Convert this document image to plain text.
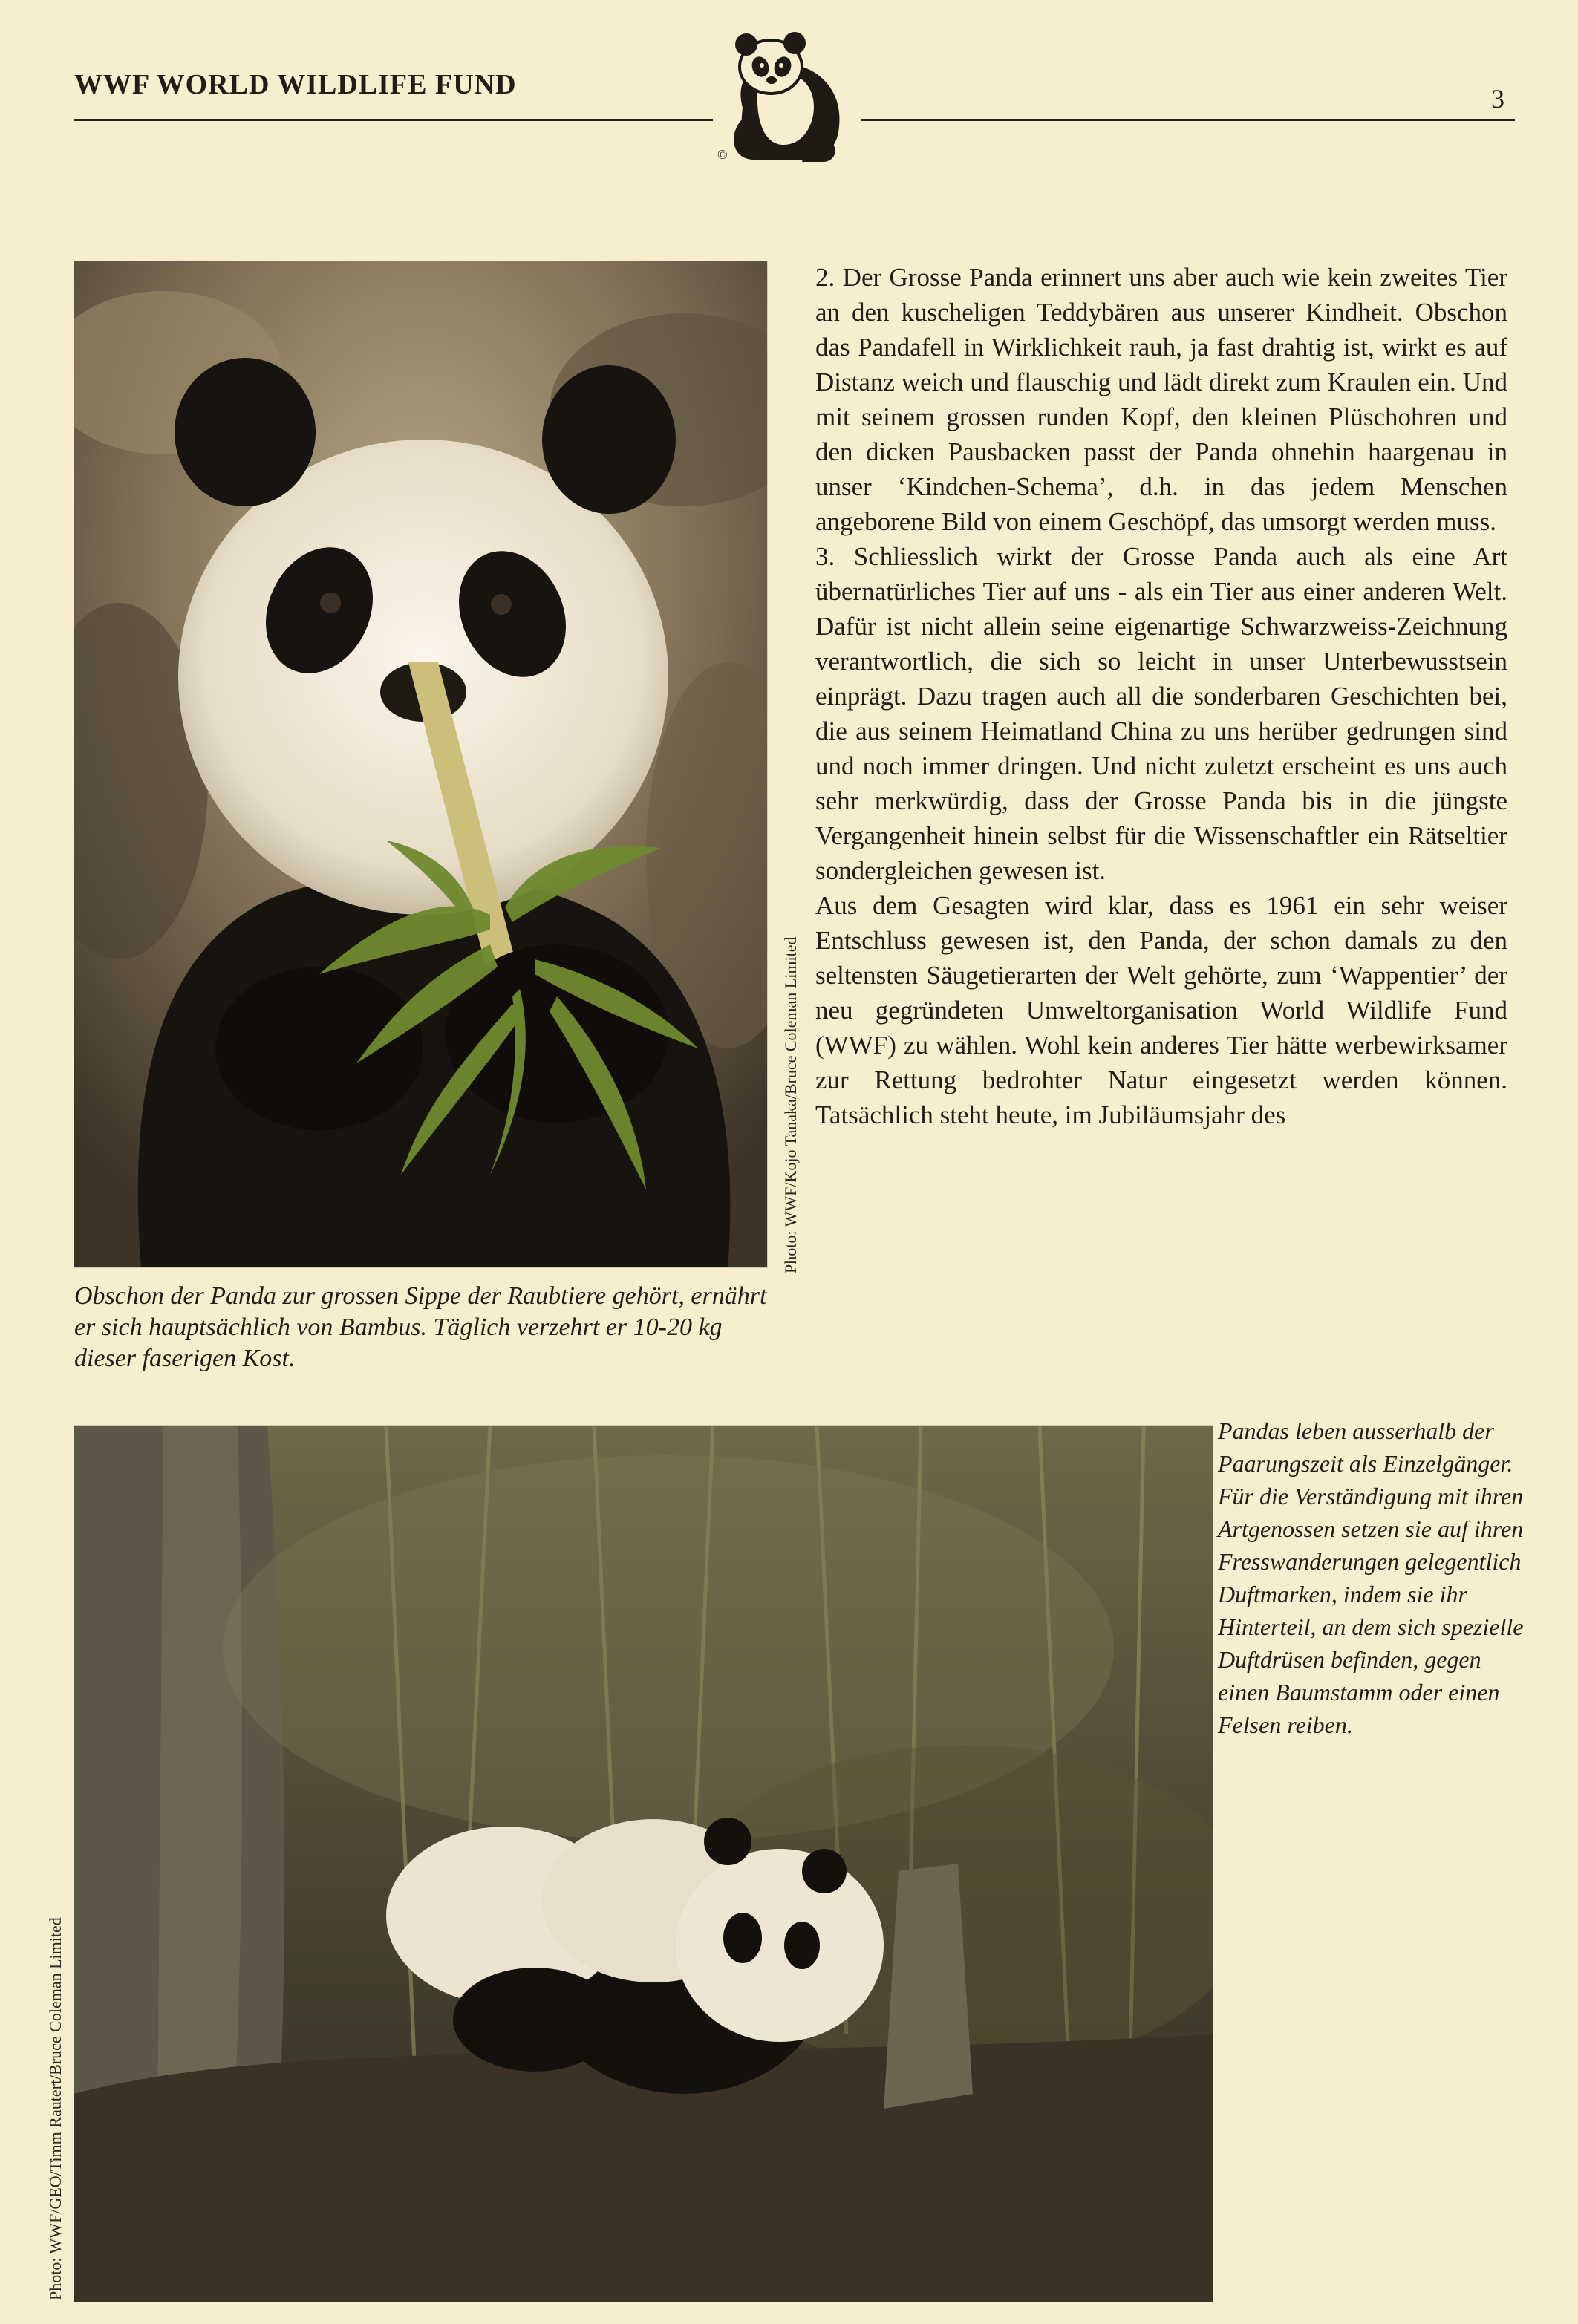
WWF WORLD WILDLIFE FUND	3
©
Photo: WWF/Kojo Tanaka/Bruce Coleman Limited
Obschon der Panda zur grossen Sippe der Raubtiere gehört, ernährt er sich hauptsächlich von Bambus. Täglich verzehrt er 10-20 kg dieser faserigen Kost.

2. Der Grosse Panda erinnert uns aber auch wie kein zweites Tier an den kuscheligen Teddybären aus unserer Kindheit. Obschon das Pandafell in Wirklichkeit rauh, ja fast drahtig ist, wirkt es auf Distanz weich und flauschig und lädt direkt zum Kraulen ein. Und mit seinem grossen runden Kopf, den kleinen Plüschohren und den dicken Pausbacken passt der Panda ohnehin haargenau in unser ‘Kindchen-Schema’, d.h. in das jedem Menschen angeborene Bild von einem Geschöpf, das umsorgt werden muss.

3. Schliesslich wirkt der Grosse Panda auch als eine Art übernatürliches Tier auf uns - als ein Tier aus einer anderen Welt. Dafür ist nicht allein seine eigenartige Schwarzweiss-Zeichnung verantwortlich, die sich so leicht in unser Unterbewusstsein einprägt. Dazu tragen auch all die sonderbaren Geschichten bei, die aus seinem Heimatland China zu uns herüber gedrungen sind und noch immer dringen. Und nicht zuletzt erscheint es uns auch sehr merkwürdig, dass der Grosse Panda bis in die jüngste Vergangenheit hinein selbst für die Wissenschaftler ein Rätseltier sondergleichen gewesen ist.

Aus dem Gesagten wird klar, dass es 1961 ein sehr weiser Entschluss gewesen ist, den Panda, der schon damals zu den seltensten Säugetierarten der Welt gehörte, zum ‘Wappentier’ der neu gegründeten Umweltorganisation World Wildlife Fund (WWF) zu wählen. Wohl kein anderes Tier hätte werbewirksamer zur Rettung bedrohter Natur eingesetzt werden können. Tatsächlich steht heute, im Jubiläumsjahr des

Photo: WWF/GEO/Timm Rautert/Bruce Coleman Limited
Pandas leben ausserhalb der Paarungszeit als Einzelgänger. Für die Verständigung mit ihren Artgenossen setzen sie auf ihren Fresswanderungen gelegentlich Duftmarken, indem sie ihr Hinterteil, an dem sich spezielle Duftdrüsen befinden, gegen einen Baumstamm oder einen Felsen reiben.
